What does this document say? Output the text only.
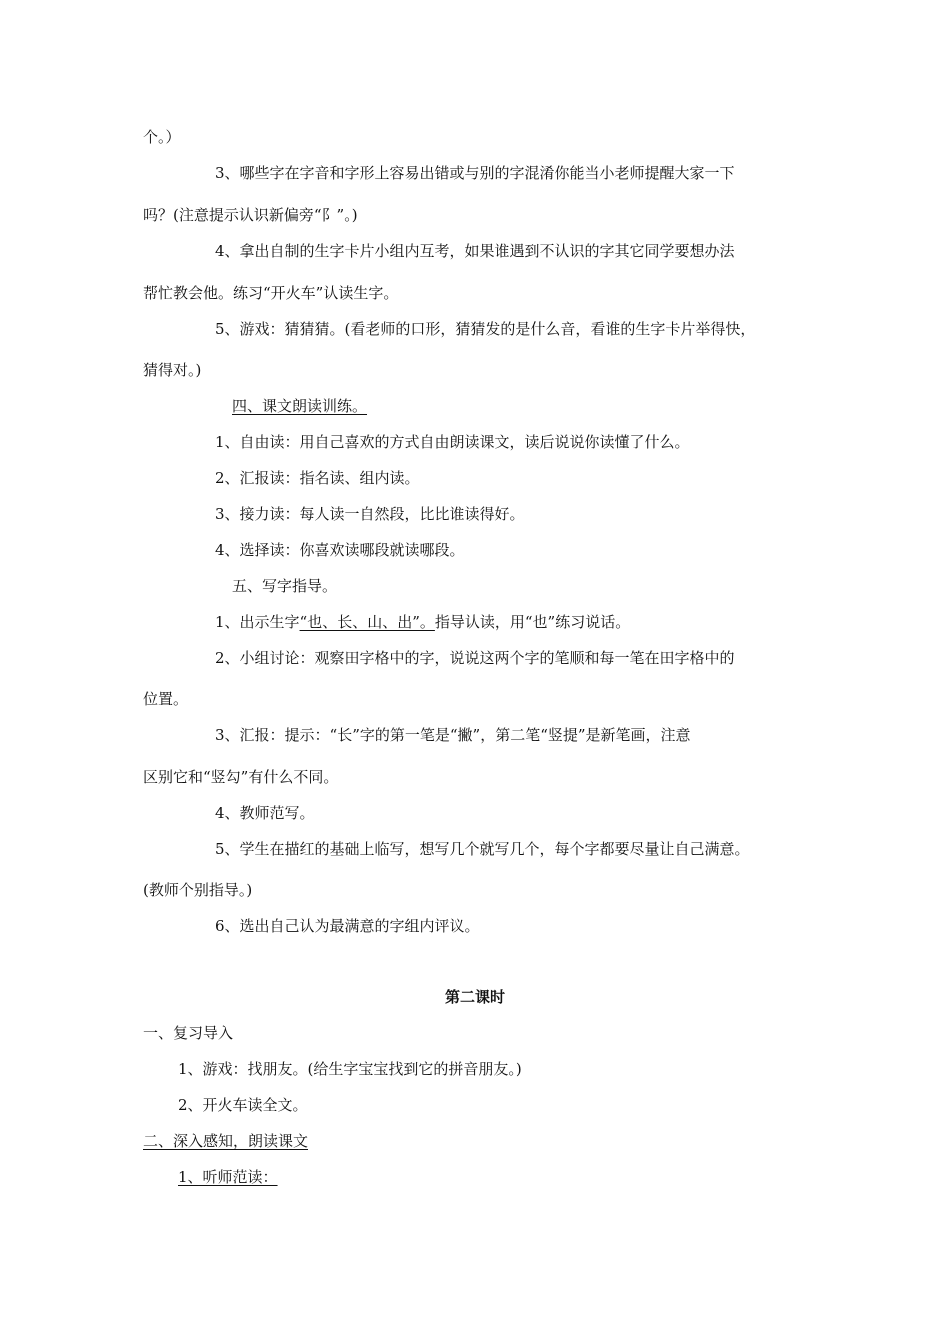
个。）
3、哪些字在字音和字形上容易出错或与别的字混淆你能当小老师提醒大家一下
吗？(注意提示认识新偏旁“阝”。)
4、拿出自制的生字卡片小组内互考，如果谁遇到不认识的字其它同学要想办法
帮忙教会他。练习“开火车”认读生字。
5、游戏：猜猜猜。(看老师的口形，猜猜发的是什么音，看谁的生字卡片举得快，
猜得对。)
四、课文朗读训练。
1、自由读：用自己喜欢的方式自由朗读课文，读后说说你读懂了什么。
2、汇报读：指名读、组内读。
3、接力读：每人读一自然段，比比谁读得好。
4、选择读：你喜欢读哪段就读哪段。
五、写字指导。
1、出示生字“也、长、山、出”。指导认读，用“也”练习说话。
2、小组讨论：观察田字格中的字，说说这两个字的笔顺和每一笔在田字格中的
位置。
3、汇报：提示：“长”字的第一笔是“撇”，第二笔“竖提”是新笔画，注意
区别它和“竖勾”有什么不同。
4、教师范写。
5、学生在描红的基础上临写，想写几个就写几个，每个字都要尽量让自己满意。
(教师个别指导。)
6、选出自己认为最满意的字组内评议。
第二课时
一、复习导入
1、游戏：找朋友。(给生字宝宝找到它的拼音朋友。)
2、开火车读全文。
二、深入感知，朗读课文
1、听师范读：
